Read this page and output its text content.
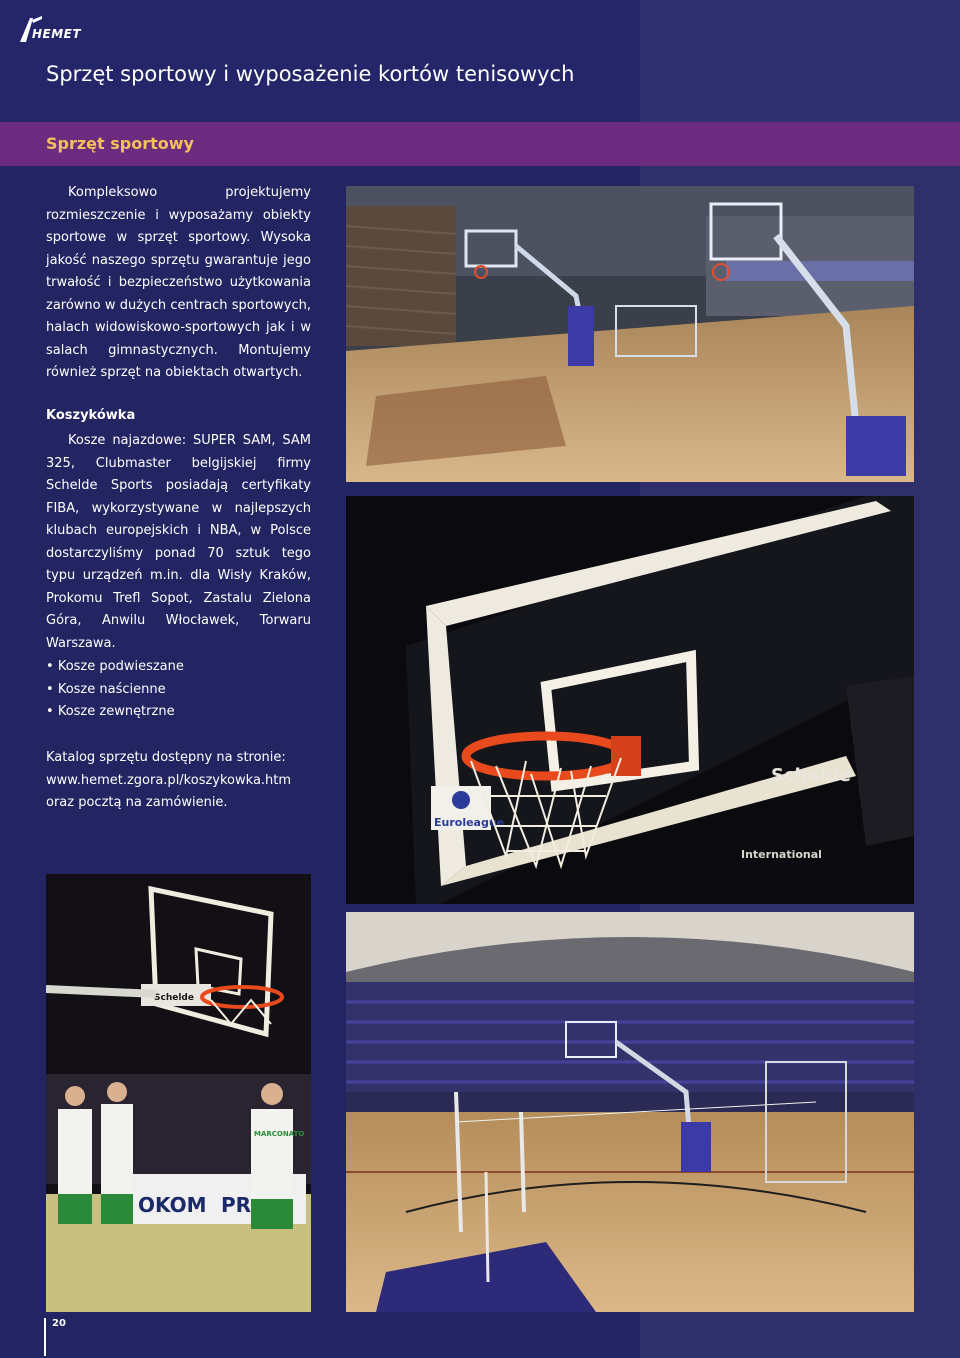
HEMET
Sprzęt sportowy i wyposażenie kortów tenisowych
Sprzęt sportowy
Kompleksowo projektujemy rozmieszczenie i wyposażamy obiekty sportowe w sprzęt sportowy. Wysoka jakość naszego sprzętu gwarantuje jego trwałość i bezpieczeństwo użytkowania zarówno w dużych centrach sportowych, halach widowiskowo-sportowych jak i w salach gimnastycznych. Montujemy również sprzęt na obiektach otwartych.
Koszykówka
Kosze najazdowe: SUPER SAM, SAM 325, Clubmaster belgijskiej firmy Schelde Sports posiadają certyfikaty FIBA, wykorzystywane w najlepszych klubach europejskich i NBA, w Polsce dostarczyliśmy ponad 70 sztuk tego typu urządzeń m.in. dla Wisły Kraków, Prokomu Trefl Sopot, Zastalu Zielona Góra, Anwilu Włocławek, Torwaru Warszawa.
• Kosze podwieszane
• Kosze naścienne
• Kosze zewnętrzne
Katalog sprzętu dostępny na stronie:
www.hemet.zgora.pl/koszykowka.htm
oraz pocztą na zamówienie.
Schelde
International
Euroleague
Schelde
OKOM PR
MARCONATO
20
